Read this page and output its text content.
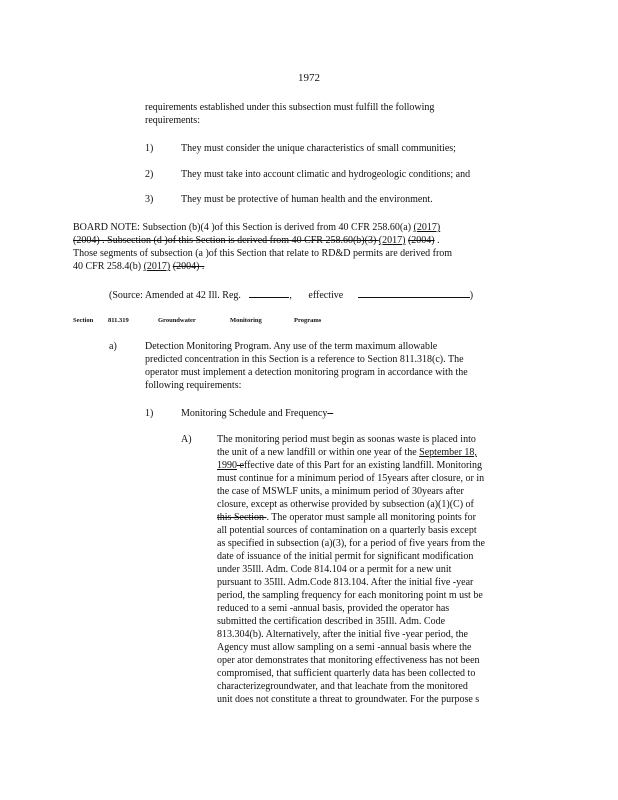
1972
requirements established under this subsection must fulfill the following
requirements:
1)	They must consider the unique characteristics of small communities;
2)	They must take into account climatic and hydrogeologic conditions; and
3)	They must be protective of human health and the environment.
BOARD NOTE: Subsection (b)(4 )of this Section is derived from 40 CFR 258.60(a) (2017)
(2004) . Subsection (d )of this Section is derived from 40 CFR 258.60(b)(3) (2017) (2004) .
Those segments of subsection (a )of this Section that relate to RD&D permits are derived from
40 CFR 258.4(b) (2017) (2004) .
(Source: Amended at 42 Ill. Reg.	, effective	)
Section 811.319	Groundwater	Monitoring	Programs
a)	Detection Monitoring Program. Any use of the term maximum allowable
predicted concentration in this Section is a reference to Section 811.318(c). The
operator must implement a detection monitoring program in accordance with the
following requirements:
1)	Monitoring Schedule and Frequency -
A)	The monitoring period must begin as soonas waste is placed into
the unit of a new landfill or within one year of the September 18,
1990 effective date of this Part for an existing landfill. Monitoring
must continue for a minimum period of 15years after closure, or in
the case of MSWLF units, a minimum period of 30years after
closure, except as otherwise provided by subsection (a)(1)(C) of
this Section . The operator must sample all monitoring points for
all potential sources of contamination on a quarterly basis except
as specified in subsection (a)(3), for a period of five years from the
date of issuance of the initial permit for significant modification
under 35Ill. Adm. Code 814.104 or a permit for a new unit
pursuant to 35Ill. Adm.Code 813.104. After the initial five -year
period, the sampling frequency for each monitoring point m ust be
reduced to a semi -annual basis, provided the operator has
submitted the certification described in 35Ill. Adm. Code
813.304(b). Alternatively, after the initial five -year period, the
Agency must allow sampling on a semi -annual basis where the
oper ator demonstrates that monitoring effectiveness has not been
compromised, that sufficient quarterly data has been collected to
characterizegroundwater, and that leachate from the monitored
unit does not constitute a threat to groundwater. For the purpose s
